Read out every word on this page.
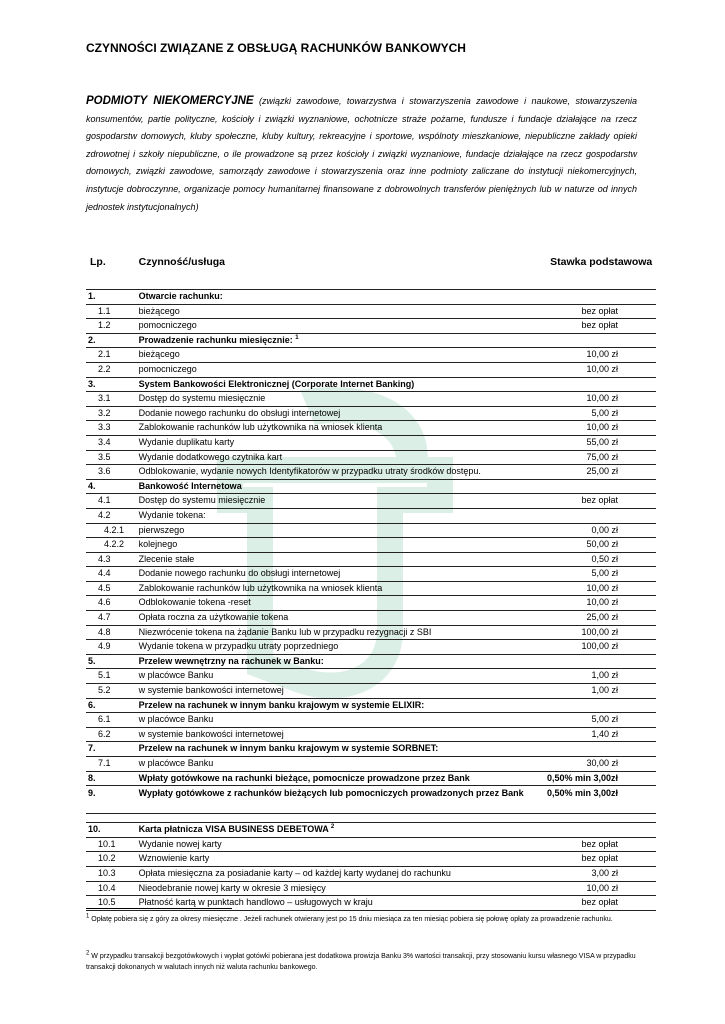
CZYNNOŚCI ZWIĄZANE Z OBSŁUGĄ RACHUNKÓW BANKOWYCH
PODMIOTY NIEKOMERCYJNE (związki zawodowe, towarzystwa i stowarzyszenia zawodowe i naukowe, stowarzyszenia konsumentów, partie polityczne, kościoły i związki wyznaniowe, ochotnicze straże pożarne, fundusze i fundacje działające na rzecz gospodarstw domowych, kluby społeczne, kluby kultury, rekreacyjne i sportowe, wspólnoty mieszkaniowe, niepubliczne zakłady opieki zdrowotnej i szkoły niepubliczne, o ile prowadzone są przez kościoły i związki wyznaniowe, fundacje działające na rzecz gospodarstw domowych, związki zawodowe, samorządy zawodowe i stowarzyszenia oraz inne podmioty zaliczane do instytucji niekomercyjnych, instytucje dobroczynne, organizacje pomocy humanitarnej finansowane z dobrowolnych transferów pieniężnych lub w naturze od innych jednostek instytucjonalnych)
Lp.	Czynność/usługa	Stawka podstawowa
1.	Otwarcie rachunku:	
1.1	bieżącego	bez opłat
1.2	pomocniczego	bez opłat
2.	Prowadzenie rachunku miesięcznie: $^1$	
2.1	bieżącego	10,00 zł
2.2	pomocniczego	10,00 zł
3.	System Bankowości Elektronicznej (Corporate Internet Banking)	
3.1	Dostęp do systemu miesięcznie	10,00 zł
3.2	Dodanie nowego rachunku do obsługi internetowej	5,00 zł
3.3	Zablokowanie rachunków lub użytkownika na wniosek klienta	10,00 zł
3.4	Wydanie duplikatu karty	55,00 zł
3.5	Wydanie dodatkowego czytnika kart	75,00 zł
3.6	Odblokowanie, wydanie nowych Identyfikatorów w przypadku utraty środków dostępu.	25,00 zł
4.	Bankowość Internetowa	
4.1	Dostęp do systemu miesięcznie	bez opłat
4.2	Wydanie tokena:	
4.2.1	pierwszego	0,00 zł
4.2.2	kolejnego	50,00 zł
4.3	Zlecenie stałe	0,50 zł
4.4	Dodanie nowego rachunku do obsługi internetowej	5,00 zł
4.5	Zablokowanie rachunków lub użytkownika na wniosek klienta	10,00 zł
4.6	Odblokowanie tokena -reset	10,00 zł
4.7	Opłata roczna za użytkowanie tokena	25,00 zł
4.8	Niezwrócenie tokena na żądanie Banku lub w przypadku rezygnacji z SBI	100,00 zł
4.9	Wydanie tokena w przypadku utraty poprzedniego	100,00 zł
5.	Przelew wewnętrzny na rachunek w Banku:	
5.1	w placówce Banku	1,00 zł
5.2	w systemie bankowości internetowej	1,00 zł
6.	Przelew na rachunek w innym banku krajowym w systemie ELIXIR:	
6.1	w placówce Banku	5,00 zł
6.2	w systemie bankowości internetowej	1,40 zł
7.	Przelew na rachunek w innym banku krajowym w systemie SORBNET:	
7.1	w placówce Banku	30,00 zł
8.	Wpłaty gotówkowe na rachunki bieżące, pomocnicze prowadzone przez Bank	0,50% min 3,00zł
9.	Wypłaty gotówkowe z rachunków bieżących lub pomocniczych prowadzonych przez Bank	0,50% min 3,00zł

10.	Karta płatnicza VISA BUSINESS DEBETOWA $^2$	
10.1	Wydanie nowej karty	bez opłat
10.2	Wznowienie karty	bez opłat
10.3	Opłata miesięczna za posiadanie karty – od każdej karty wydanej do rachunku	3,00 zł
10.4	Nieodebranie nowej karty w okresie 3 miesięcy	10,00 zł
10.5	Płatność kartą w punktach handlowo – usługowych w kraju	bez opłat
$^1$ Opłatę pobiera się z góry za okresy miesięczne . Jeżeli rachunek otwierany jest po 15 dniu miesiąca za ten miesiąc pobiera się połowę opłaty za prowadzenie rachunku.
$^2$ W przypadku transakcji bezgotówkowych i wypłat gotówki pobierana jest dodatkowa prowizja Banku 3% wartości transakcji, przy stosowaniu kursu własnego VISA w przypadku transakcji dokonanych w walutach innych niż waluta rachunku bankowego.
